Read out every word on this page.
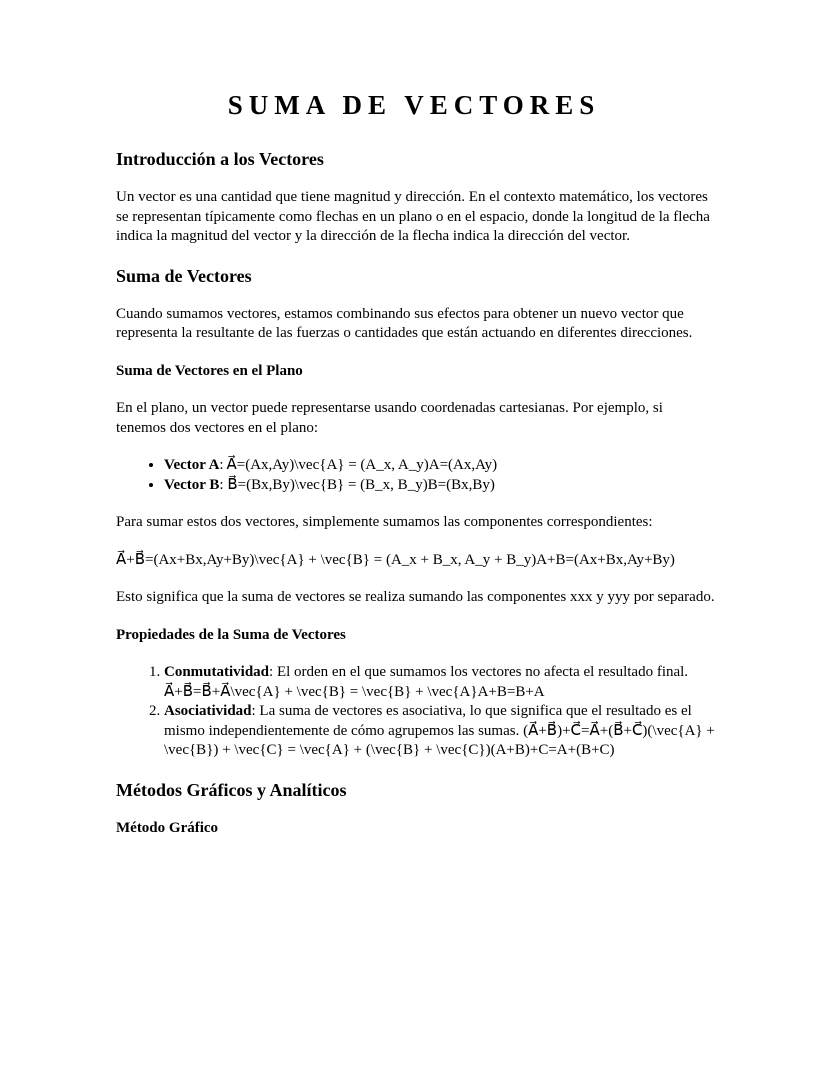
SUMA DE VECTORES
Introducción a los Vectores

Un vector es una cantidad que tiene magnitud y dirección. En el contexto matemático, los vectores se representan típicamente como flechas en un plano o en el espacio, donde la longitud de la flecha indica la magnitud del vector y la dirección de la flecha indica la dirección del vector.

Suma de Vectores

Cuando sumamos vectores, estamos combinando sus efectos para obtener un nuevo vector que representa la resultante de las fuerzas o cantidades que están actuando en diferentes direcciones.

Suma de Vectores en el Plano

En el plano, un vector puede representarse usando coordenadas cartesianas. Por ejemplo, si tenemos dos vectores en el plano:

• Vector A: A⃗=(Ax,Ay)\vec{A} = (A_x, A_y)A=(Ax,Ay)
• Vector B: B⃗=(Bx,By)\vec{B} = (B_x, B_y)B=(Bx,By)

Para sumar estos dos vectores, simplemente sumamos las componentes correspondientes:

A⃗+B⃗=(Ax+Bx,Ay+By)\vec{A} + \vec{B} = (A_x + B_x, A_y + B_y)A+B=(Ax+Bx,Ay+By)

Esto significa que la suma de vectores se realiza sumando las componentes xxx y yyy por separado.

Propiedades de la Suma de Vectores
1. Conmutatividad: El orden en el que sumamos los vectores no afecta el resultado final. A⃗+B⃗=B⃗+A⃗\vec{A} + \vec{B} = \vec{B} + \vec{A}A+B=B+A
2. Asociatividad: La suma de vectores es asociativa, lo que significa que el resultado es el mismo independientemente de cómo agrupemos las sumas. (A⃗+B⃗)+C⃗=A⃗+(B⃗+C⃗)(\vec{A} + \vec{B}) + \vec{C} = \vec{A} + (\vec{B} + \vec{C})(A+B)+C=A+(B+C)
Métodos Gráficos y Analíticos
Método Gráfico
